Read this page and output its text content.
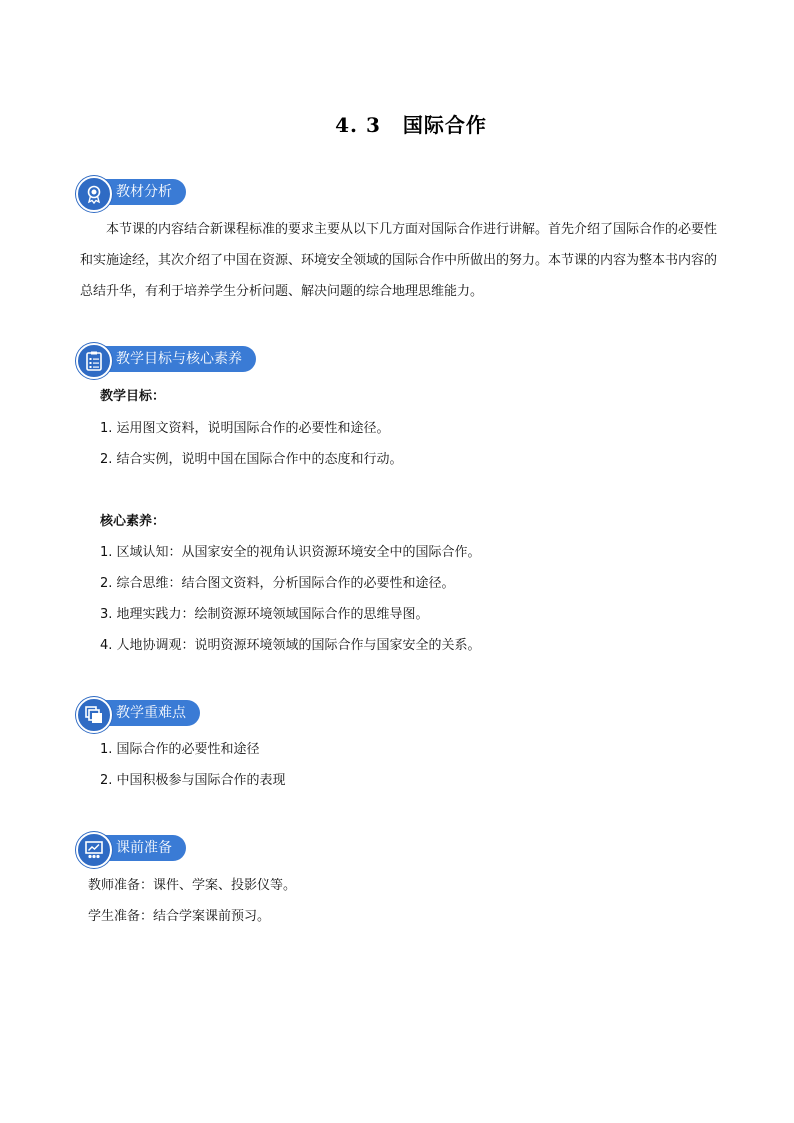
4. 3 国际合作
教材分析
本节课的内容结合新课程标准的要求主要从以下几方面对国际合作进行讲解。首先介绍了国际合作的必要性和实施途经，其次介绍了中国在资源、环境安全领域的国际合作中所做出的努力。本节课的内容为整本书内容的总结升华，有利于培养学生分析问题、解决问题的综合地理思维能力。
教学目标与核心素养
教学目标：
1. 运用图文资料，说明国际合作的必要性和途径。
2. 结合实例，说明中国在国际合作中的态度和行动。
核心素养：
1. 区域认知：从国家安全的视角认识资源环境安全中的国际合作。
2. 综合思维：结合图文资料，分析国际合作的必要性和途径。
3. 地理实践力：绘制资源环境领域国际合作的思维导图。
4. 人地协调观：说明资源环境领域的国际合作与国家安全的关系。
教学重难点
1. 国际合作的必要性和途径
2. 中国积极参与国际合作的表现
课前准备
教师准备：课件、学案、投影仪等。
学生准备：结合学案课前预习。
